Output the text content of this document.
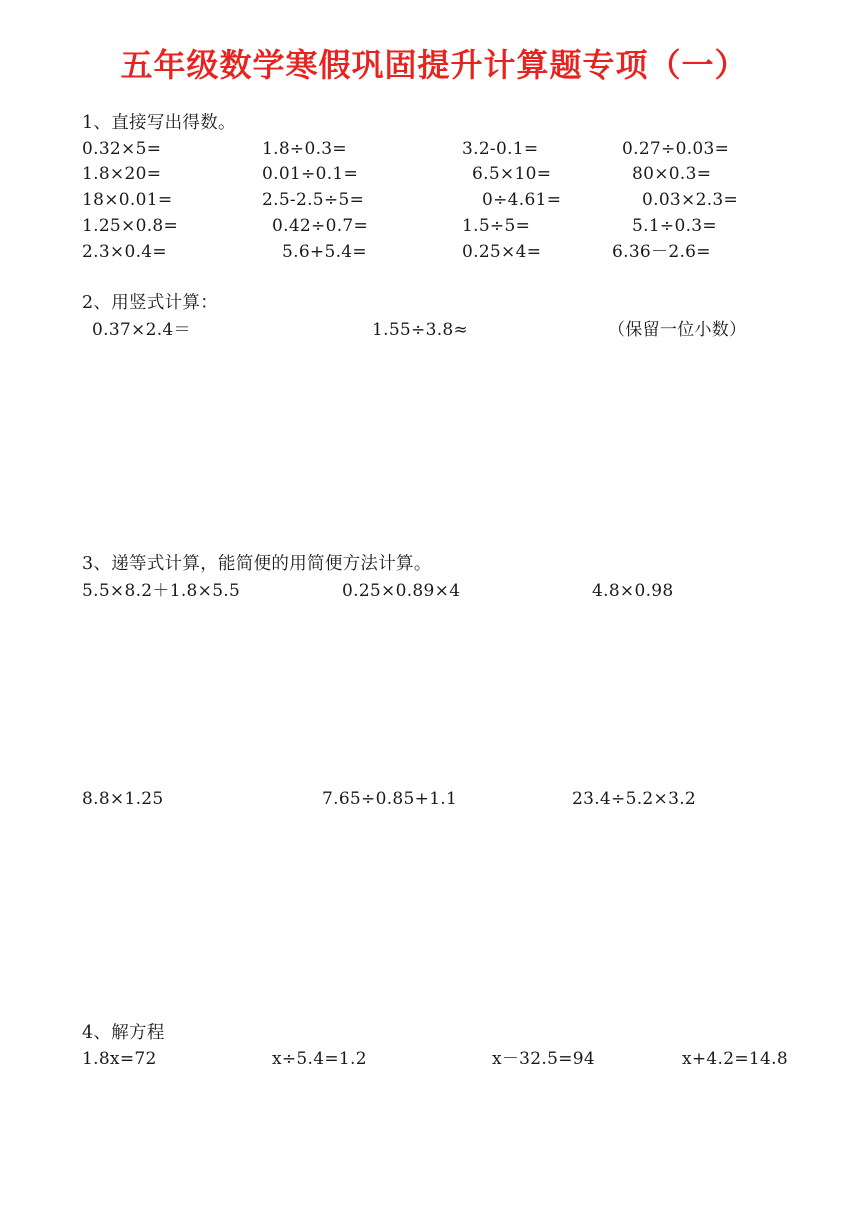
五年级数学寒假巩固提升计算题专项（一）
1、直接写出得数。
0.32×5=	1.8÷0.3=	3.2-0.1=	0.27÷0.03=
1.8×20=	0.01÷0.1=	6.5×10=	80×0.3=
18×0.01=	2.5-2.5÷5=	0÷4.61=	0.03×2.3=
1.25×0.8=	0.42÷0.7=	1.5÷5=	5.1÷0.3=
2.3×0.4=	5.6+5.4=	0.25×4=	6.36－2.6=
2、用竖式计算：
0.37×2.4＝	1.55÷3.8≈	（保留一位小数）
3、递等式计算，能简便的用简便方法计算。
5.5×8.2＋1.8×5.5	0.25×0.89×4	4.8×0.98
8.8×1.25	7.65÷0.85+1.1	23.4÷5.2×3.2
4、解方程
1.8x=72	x÷5.4=1.2	x－32.5=94	x+4.2=14.8
